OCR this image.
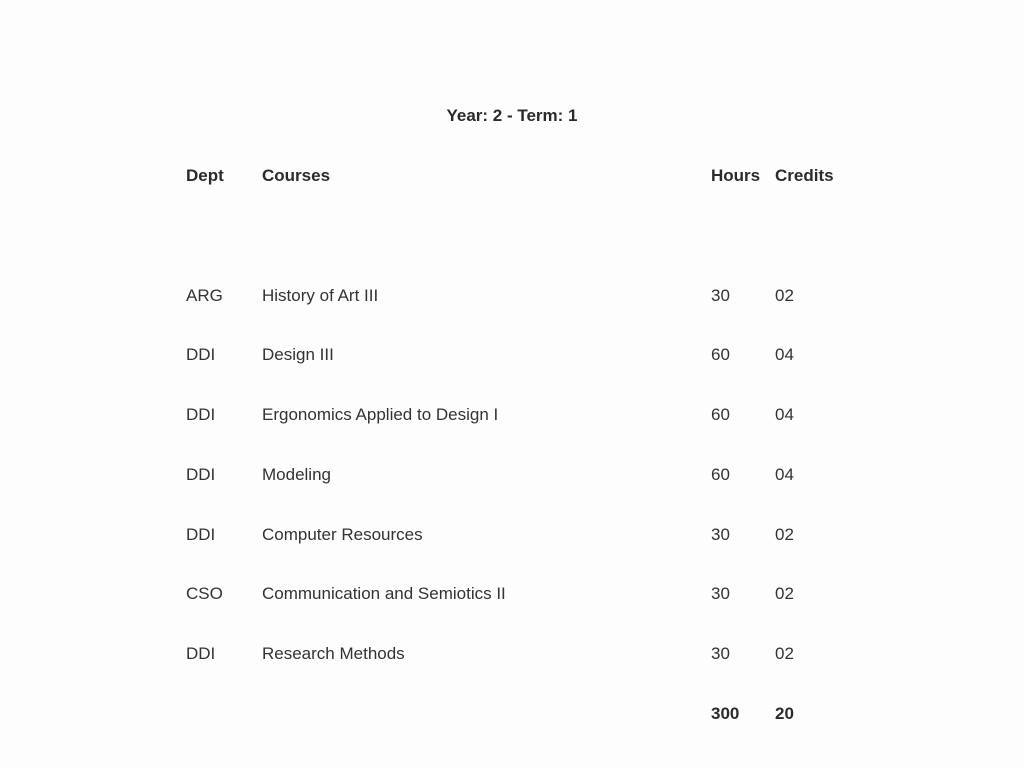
Year: 2 - Term: 1
Dept Courses	Hours Credits
ARG History of Art III	30	02
DDI	Design III	60	04
DDI	Ergonomics Applied to Design I	60	04
DDI	Modeling	60	04
DDI	Computer Resources	30	02
CSO Communication and Semiotics II	30	02
DDI	Research Methods	30	02
300 20
